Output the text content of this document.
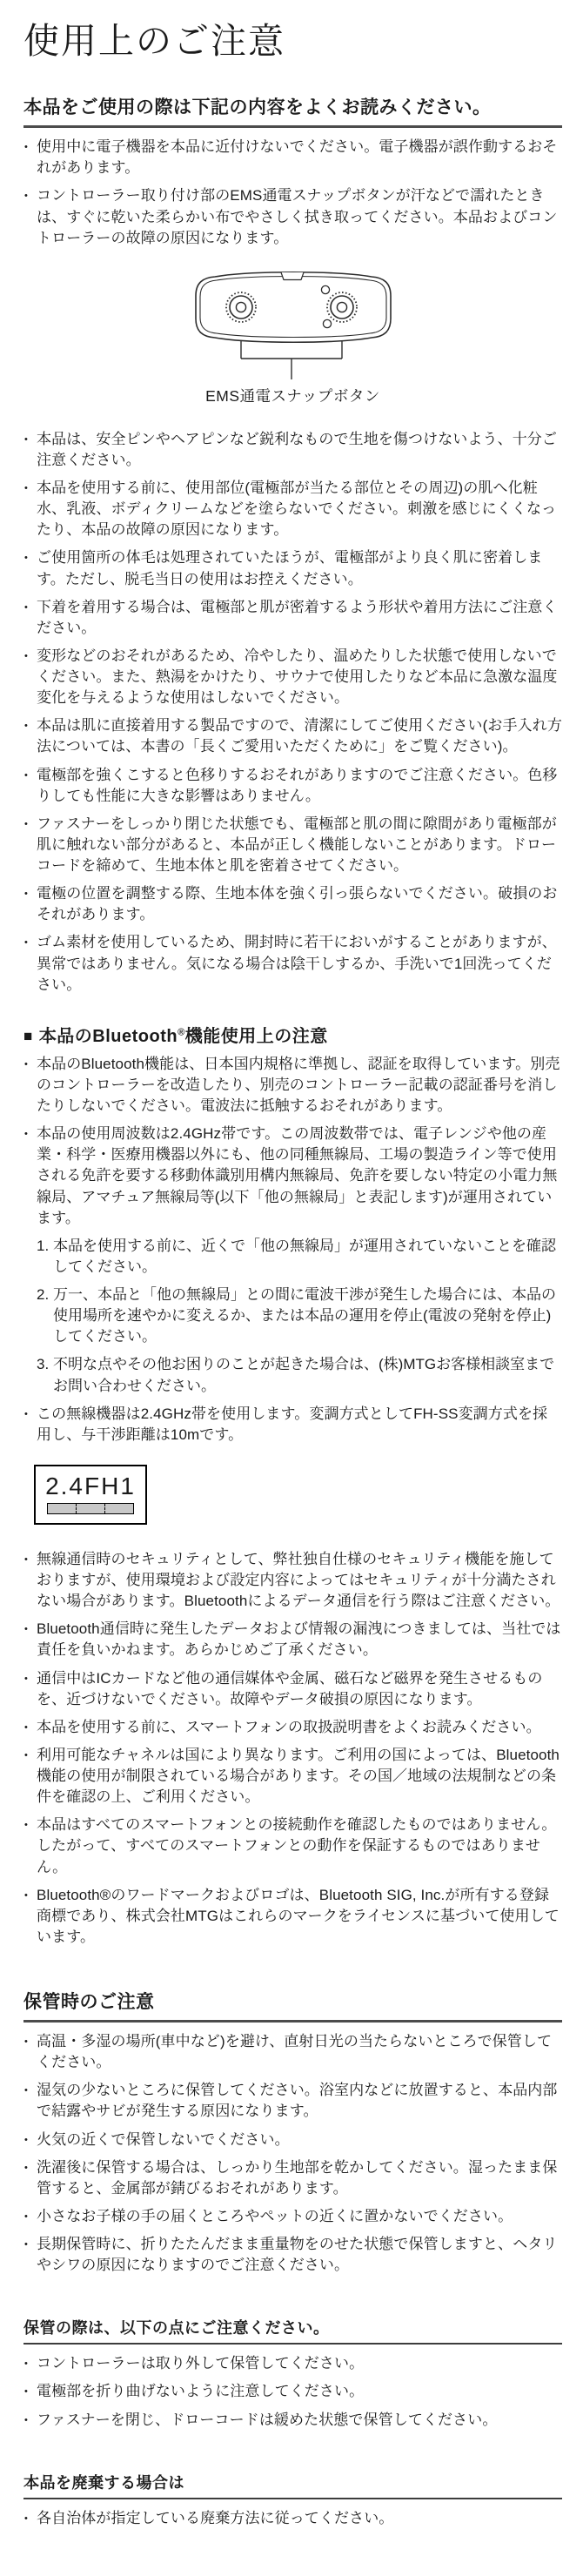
使用上のご注意
本品をご使用の際は下記の内容をよくお読みください。
• 使用中に電子機器を本品に近付けないでください。電子機器が誤作動するおそれがあります。
• コントローラー取り付け部のEMS通電スナップボタンが汗などで濡れたときは、すぐに乾いた柔らかい布でやさしく拭き取ってください。本品およびコントローラーの故障の原因になります。
EMS通電スナップボタン
• 本品は、安全ピンやヘアピンなど鋭利なもので生地を傷つけないよう、十分ご注意ください。
• 本品を使用する前に、使用部位(電極部が当たる部位とその周辺)の肌へ化粧水、乳液、ボディクリームなどを塗らないでください。刺激を感じにくくなったり、本品の故障の原因になります。
• ご使用箇所の体毛は処理されていたほうが、電極部がより良く肌に密着します。ただし、脱毛当日の使用はお控えください。
• 下着を着用する場合は、電極部と肌が密着するよう形状や着用方法にご注意ください。
• 変形などのおそれがあるため、冷やしたり、温めたりした状態で使用しないでください。また、熱湯をかけたり、サウナで使用したりなど本品に急激な温度変化を与えるような使用はしないでください。
• 本品は肌に直接着用する製品ですので、清潔にしてご使用ください(お手入れ方法については、本書の「長くご愛用いただくために」をご覧ください)。
• 電極部を強くこすると色移りするおそれがありますのでご注意ください。色移りしても性能に大きな影響はありません。
• ファスナーをしっかり閉じた状態でも、電極部と肌の間に隙間があり電極部が肌に触れない部分があると、本品が正しく機能しないことがあります。ドローコードを締めて、生地本体と肌を密着させてください。
• 電極の位置を調整する際、生地本体を強く引っ張らないでください。破損のおそれがあります。
• ゴム素材を使用しているため、開封時に若干においがすることがありますが、異常ではありません。気になる場合は陰干しするか、手洗いで1回洗ってください。
■ 本品のBluetooth®機能使用上の注意
• 本品のBluetooth機能は、日本国内規格に準拠し、認証を取得しています。別売のコントローラーを改造したり、別売のコントローラー記載の認証番号を消したりしないでください。電波法に抵触するおそれがあります。
• 本品の使用周波数は2.4GHz帯です。この周波数帯では、電子レンジや他の産業・科学・医療用機器以外にも、他の同種無線局、工場の製造ライン等で使用される免許を要する移動体識別用構内無線局、免許を要しない特定の小電力無線局、アマチュア無線局等(以下「他の無線局」と表記します)が運用されています。
本品を使用する前に、近くで「他の無線局」が運用されていないことを確認してください。
万一、本品と「他の無線局」との間に電波干渉が発生した場合には、本品の使用場所を速やかに変えるか、または本品の運用を停止(電波の発射を停止)してください。
不明な点やその他お困りのことが起きた場合は、(株)MTGお客様相談室までお問い合わせください。
• この無線機器は2.4GHz帯を使用します。変調方式としてFH-SS変調方式を採用し、与干渉距離は10mです。
2.4FH1
• 無線通信時のセキュリティとして、弊社独自仕様のセキュリティ機能を施しておりますが、使用環境および設定内容によってはセキュリティが十分満たされない場合があります。Bluetoothによるデータ通信を行う際はご注意ください。
• Bluetooth通信時に発生したデータおよび情報の漏洩につきましては、当社では責任を負いかねます。あらかじめご了承ください。
• 通信中はICカードなど他の通信媒体や金属、磁石など磁界を発生させるものを、近づけないでください。故障やデータ破損の原因になります。
• 本品を使用する前に、スマートフォンの取扱説明書をよくお読みください。
• 利用可能なチャネルは国により異なります。ご利用の国によっては、Bluetooth機能の使用が制限されている場合があります。その国／地域の法規制などの条件を確認の上、ご利用ください。
• 本品はすべてのスマートフォンとの接続動作を確認したものではありません。したがって、すべてのスマートフォンとの動作を保証するものではありません。
• Bluetooth®のワードマークおよびロゴは、Bluetooth SIG, Inc.が所有する登録商標であり、株式会社MTGはこれらのマークをライセンスに基づいて使用しています。
保管時のご注意
• 高温・多湿の場所(車中など)を避け、直射日光の当たらないところで保管してください。
• 湿気の少ないところに保管してください。浴室内などに放置すると、本品内部で結露やサビが発生する原因になります。
• 火気の近くで保管しないでください。
• 洗濯後に保管する場合は、しっかり生地部を乾かしてください。湿ったまま保管すると、金属部が錆びるおそれがあります。
• 小さなお子様の手の届くところやペットの近くに置かないでください。
• 長期保管時に、折りたたんだまま重量物をのせた状態で保管しますと、ヘタリやシワの原因になりますのでご注意ください。
保管の際は、以下の点にご注意ください。
• コントローラーは取り外して保管してください。
• 電極部を折り曲げないように注意してください。
• ファスナーを閉じ、ドローコードは緩めた状態で保管してください。
本品を廃棄する場合は
• 各自治体が指定している廃棄方法に従ってください。
